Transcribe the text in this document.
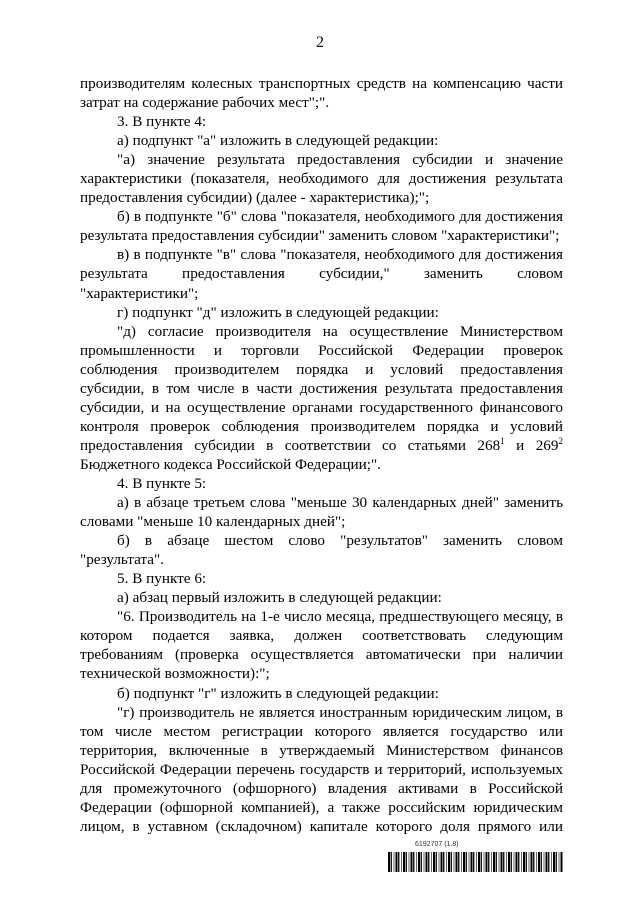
2

производителям колесных транспортных средств на компенсацию части затрат на содержание рабочих мест";".

3. В пункте 4:

а) подпункт "а" изложить в следующей редакции:

"а) значение результата предоставления субсидии и значение характеристики (показателя, необходимого для достижения результата предоставления субсидии) (далее - характеристика);";

б) в подпункте "б" слова "показателя, необходимого для достижения результата предоставления субсидии" заменить словом "характеристики";

в) в подпункте "в" слова "показателя, необходимого для достижения результата предоставления субсидии," заменить словом "характеристики";

г) подпункт "д" изложить в следующей редакции:

"д) согласие производителя на осуществление Министерством промышленности и торговли Российской Федерации проверок соблюдения производителем порядка и условий предоставления субсидии, в том числе в части достижения результата предоставления субсидии, и на осуществление органами государственного финансового контроля проверок соблюдения производителем порядка и условий предоставления субсидии в соответствии со статьями $268^1$ и $269^2$ Бюджетного кодекса Российской Федерации;".

4. В пункте 5:

а) в абзаце третьем слова "меньше 30 календарных дней" заменить словами "меньше 10 календарных дней";

б) в абзаце шестом слово "результатов" заменить словом "результата".

5. В пункте 6:

а) абзац первый изложить в следующей редакции:

"6. Производитель на 1-е число месяца, предшествующего месяцу, в котором подается заявка, должен соответствовать следующим требованиям (проверка осуществляется автоматически при наличии технической возможности):";

б) подпункт "г" изложить в следующей редакции:

"г) производитель не является иностранным юридическим лицом, в том числе местом регистрации которого является государство или территория, включенные в утверждаемый Министерством финансов Российской Федерации перечень государств и территорий, используемых для промежуточного (офшорного) владения активами в Российской Федерации (офшорной компанией), а также российским юридическим лицом, в уставном (складочном) капитале которого доля прямого или

6192707 (1.8)
